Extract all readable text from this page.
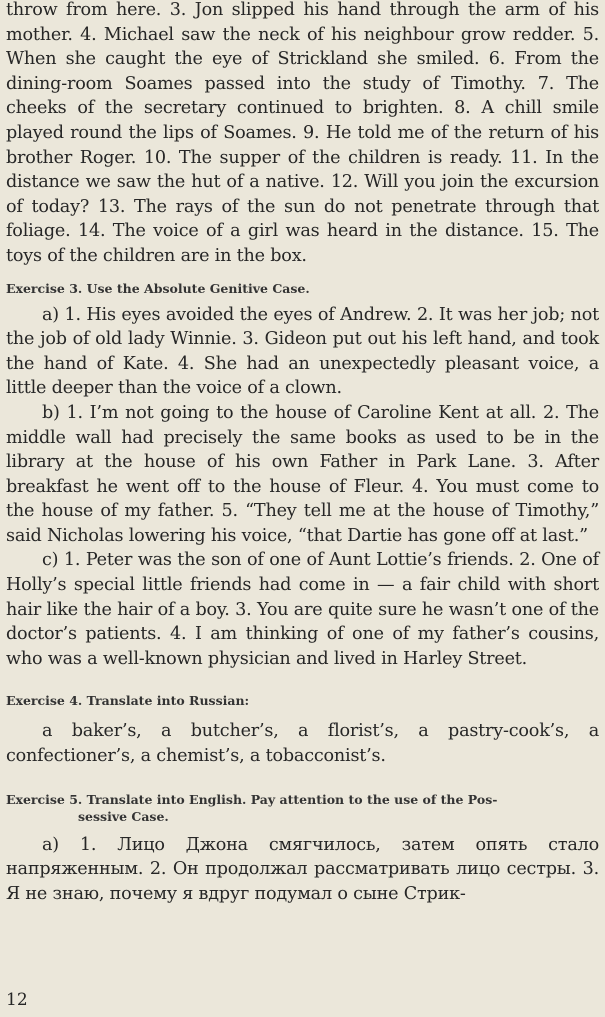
throw from here. 3. Jon slipped his hand through the arm of his mother. 4. Michael saw the neck of his neighbour grow redder. 5. When she caught the eye of Strickland she smiled. 6. From the dining-room Soames passed into the study of Timothy. 7. The cheeks of the secretary continued to brighten. 8. A chill smile played round the lips of Soames. 9. He told me of the return of his brother Roger. 10. The supper of the children is ready. 11. In the distance we saw the hut of a native. 12. Will you join the excursion of today? 13. The rays of the sun do not penetrate through that foliage. 14. The voice of a girl was heard in the distance. 15. The toys of the children are in the box.

Exercise 3. Use the Absolute Genitive Case.

a) 1. His eyes avoided the eyes of Andrew. 2. It was her job; not the job of old lady Winnie. 3. Gideon put out his left hand, and took the hand of Kate. 4. She had an unexpectedly pleasant voice, a little deeper than the voice of a clown.

b) 1. I’m not going to the house of Caroline Kent at all. 2. The middle wall had precisely the same books as used to be in the library at the house of his own Father in Park Lane. 3. After breakfast he went off to the house of Fleur. 4. You must come to the house of my father. 5. “They tell me at the house of Timothy,” said Nicholas lowering his voice, “that Dartie has gone off at last.”

c) 1. Peter was the son of one of Aunt Lottie’s friends. 2. One of Holly’s special little friends had come in — a fair child with short hair like the hair of a boy. 3. You are quite sure he wasn’t one of the doctor’s patients. 4. I am thinking of one of my father’s cousins, who was a well-known physician and lived in Harley Street.

Exercise 4. Translate into Russian:

a baker’s, a butcher’s, a florist’s, a pastry-cook’s, a confectioner’s, a chemist’s, a tobacconist’s.

Exercise 5. Translate into English. Pay attention to the use of the Pos-
sessive Case.

а) 1. Лицо Джона смягчилось, затем опять стало напряженным. 2. Он продолжал рассматривать лицо сестры. 3. Я не знаю, почему я вдруг подумал о сыне Стрик-

12
